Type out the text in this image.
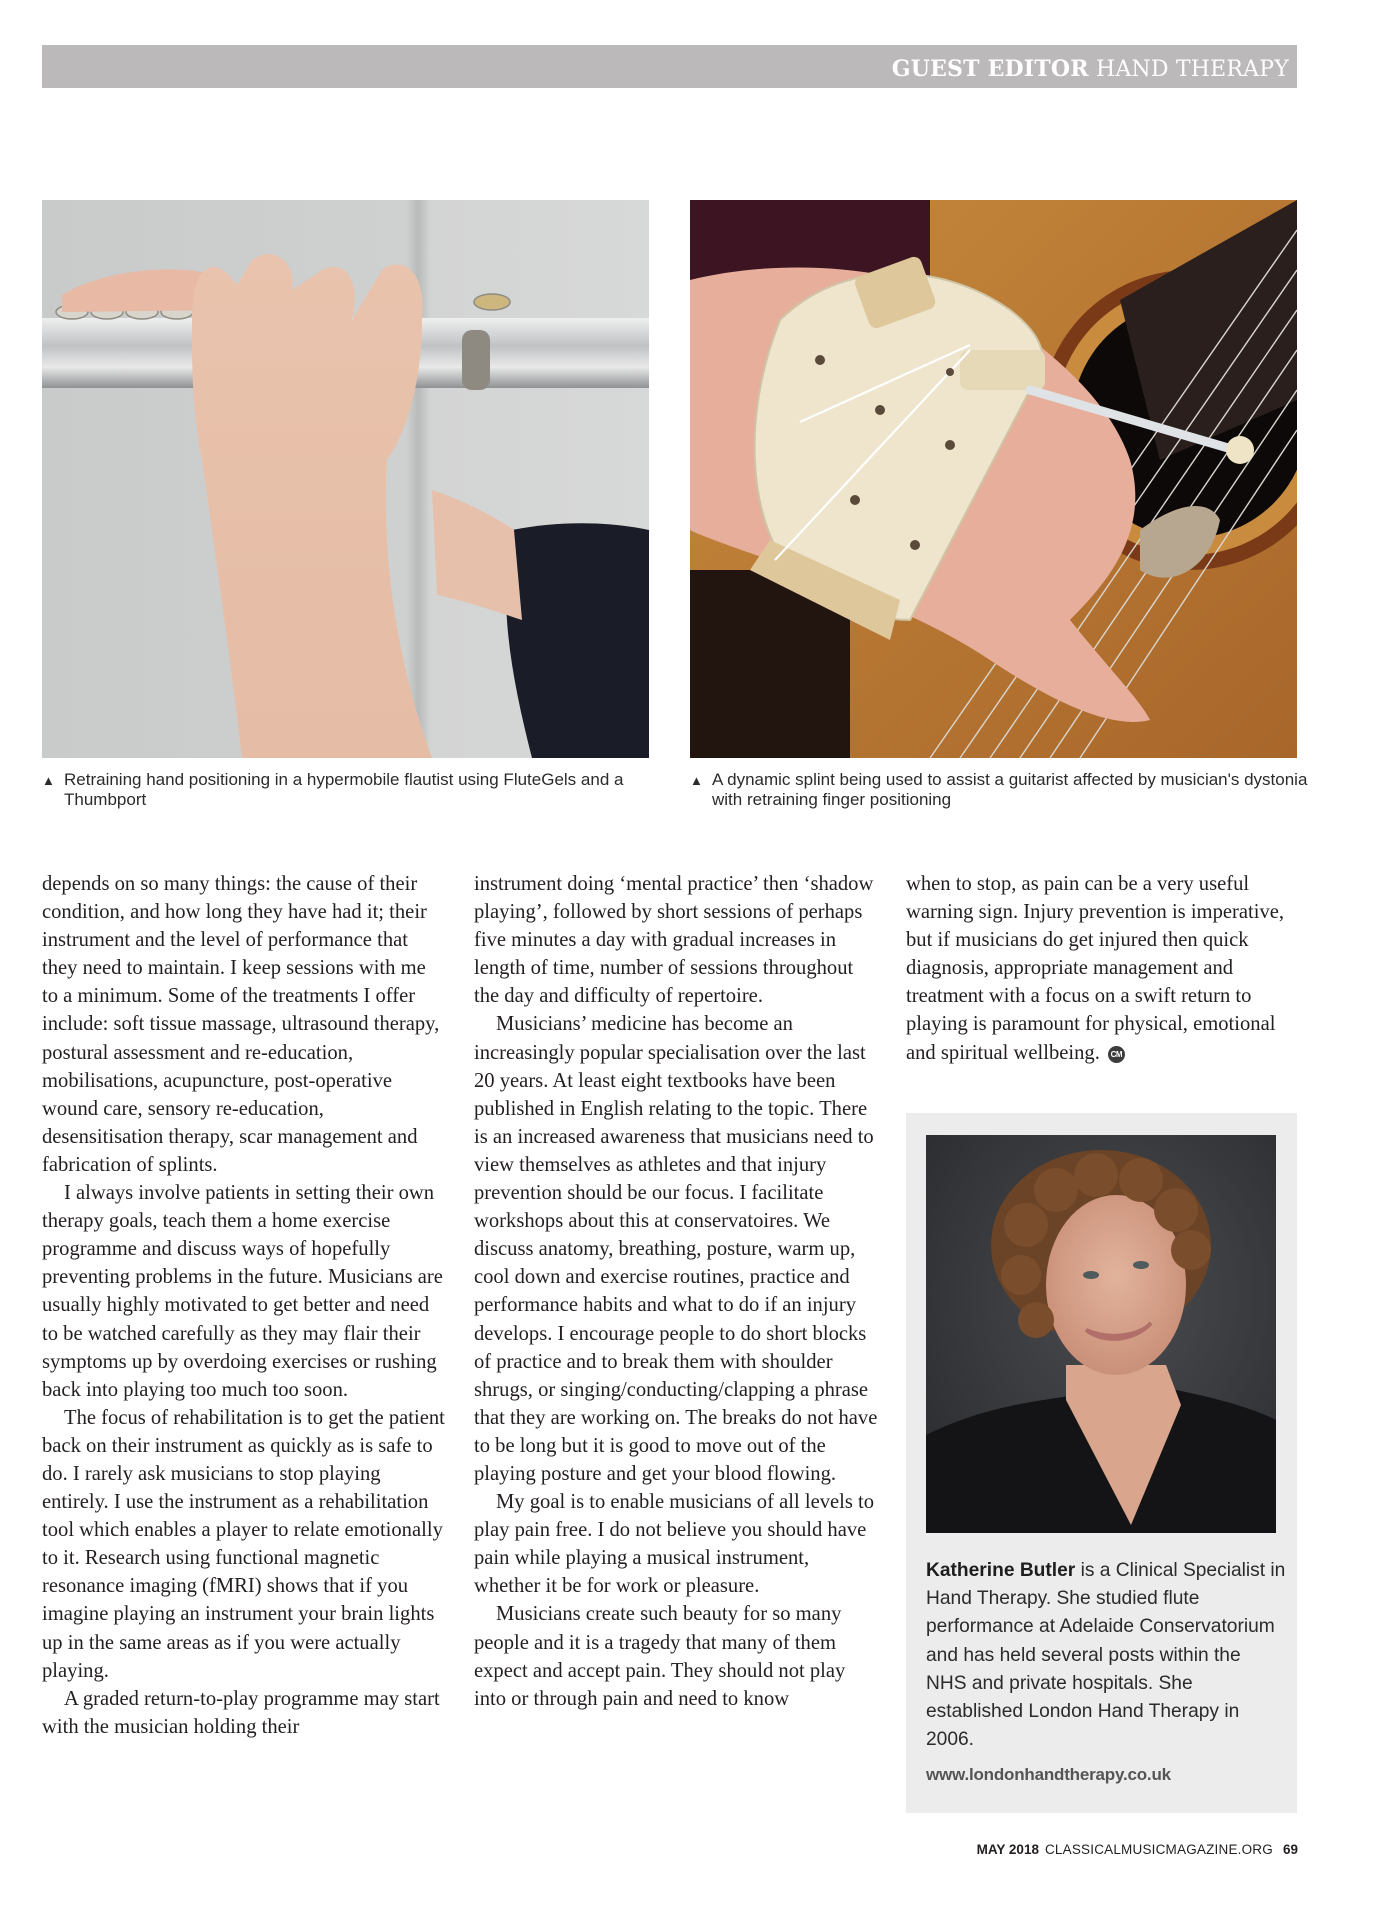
GUEST EDITOR HAND THERAPY
▲ Retraining hand positioning in a hypermobile flautist using FluteGels and a Thumbport
▲ A dynamic splint being used to assist a guitarist affected by musician's dystonia with retraining finger positioning

depends on so many things: the cause of their condition, and how long they have had it; their instrument and the level of performance that they need to maintain. I keep sessions with me to a minimum. Some of the treatments I offer include: soft tissue massage, ultrasound therapy, postural assessment and re-education, mobilisations, acupuncture, post-operative wound care, sensory re-education, desensitisation therapy, scar management and fabrication of splints.

I always involve patients in setting their own therapy goals, teach them a home exercise programme and discuss ways of hopefully preventing problems in the future. Musicians are usually highly motivated to get better and need to be watched carefully as they may flair their symptoms up by overdoing exercises or rushing back into playing too much too soon.

The focus of rehabilitation is to get the patient back on their instrument as quickly as is safe to do. I rarely ask musicians to stop playing entirely. I use the instrument as a rehabilitation tool which enables a player to relate emotionally to it. Research using functional magnetic resonance imaging (fMRI) shows that if you imagine playing an instrument your brain lights up in the same areas as if you were actually playing.

A graded return-to-play programme may start with the musician holding their

instrument doing ‘mental practice’ then ‘shadow playing’, followed by short sessions of perhaps five minutes a day with gradual increases in length of time, number of sessions throughout the day and difficulty of repertoire.

Musicians’ medicine has become an increasingly popular specialisation over the last 20 years. At least eight textbooks have been published in English relating to the topic. There is an increased awareness that musicians need to view themselves as athletes and that injury prevention should be our focus. I facilitate workshops about this at conservatoires. We discuss anatomy, breathing, posture, warm up, cool down and exercise routines, practice and performance habits and what to do if an injury develops. I encourage people to do short blocks of practice and to break them with shoulder shrugs, or singing/conducting/clapping a phrase that they are working on. The breaks do not have to be long but it is good to move out of the playing posture and get your blood flowing.

My goal is to enable musicians of all levels to play pain free. I do not believe you should have pain while playing a musical instrument, whether it be for work or pleasure.

Musicians create such beauty for so many people and it is a tragedy that many of them expect and accept pain. They should not play into or through pain and need to know

when to stop, as pain can be a very useful warning sign. Injury prevention is imperative, but if musicians do get injured then quick diagnosis, appropriate management and treatment with a focus on a swift return to playing is paramount for physical, emotional and spiritual wellbeing. CM

Katherine Butler is a Clinical Specialist in Hand Therapy. She studied flute performance at Adelaide Conservatorium and has held several posts within the NHS and private hospitals. She established London Hand Therapy in 2006.
www.londonhandtherapy.co.uk
MAY 2018 CLASSICALMUSICMAGAZINE.ORG 69
